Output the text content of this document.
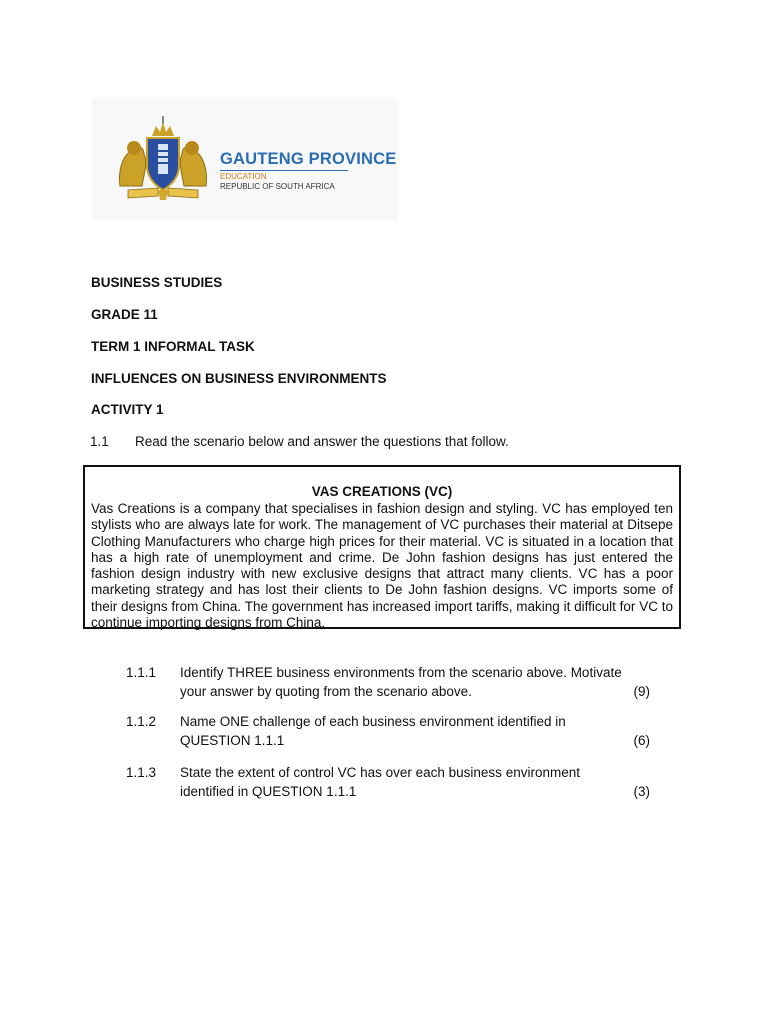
GAUTENG PROVINCE
EDUCATION
REPUBLIC OF SOUTH AFRICA
BUSINESS STUDIES
GRADE 11
TERM 1 INFORMAL TASK
INFLUENCES ON BUSINESS ENVIRONMENTS
ACTIVITY 1
1.1 Read the scenario below and answer the questions that follow.
VAS CREATIONS (VC)
Vas Creations is a company that specialises in fashion design and styling. VC has employed ten stylists who are always late for work. The management of VC purchases their material at Ditsepe Clothing Manufacturers who charge high prices for their material. VC is situated in a location that has a high rate of unemployment and crime. De John fashion designs has just entered the fashion design industry with new exclusive designs that attract many clients. VC has a poor marketing strategy and has lost their clients to De John fashion designs. VC imports some of their designs from China. The government has increased import tariffs, making it difficult for VC to continue importing designs from China.
1.1.1 Identify THREE business environments from the scenario above. Motivate your answer by quoting from the scenario above.	(9)
1.1.2 Name ONE challenge of each business environment identified in QUESTION 1.1.1	(6)
1.1.3 State the extent of control VC has over each business environment identified in QUESTION 1.1.1	(3)
